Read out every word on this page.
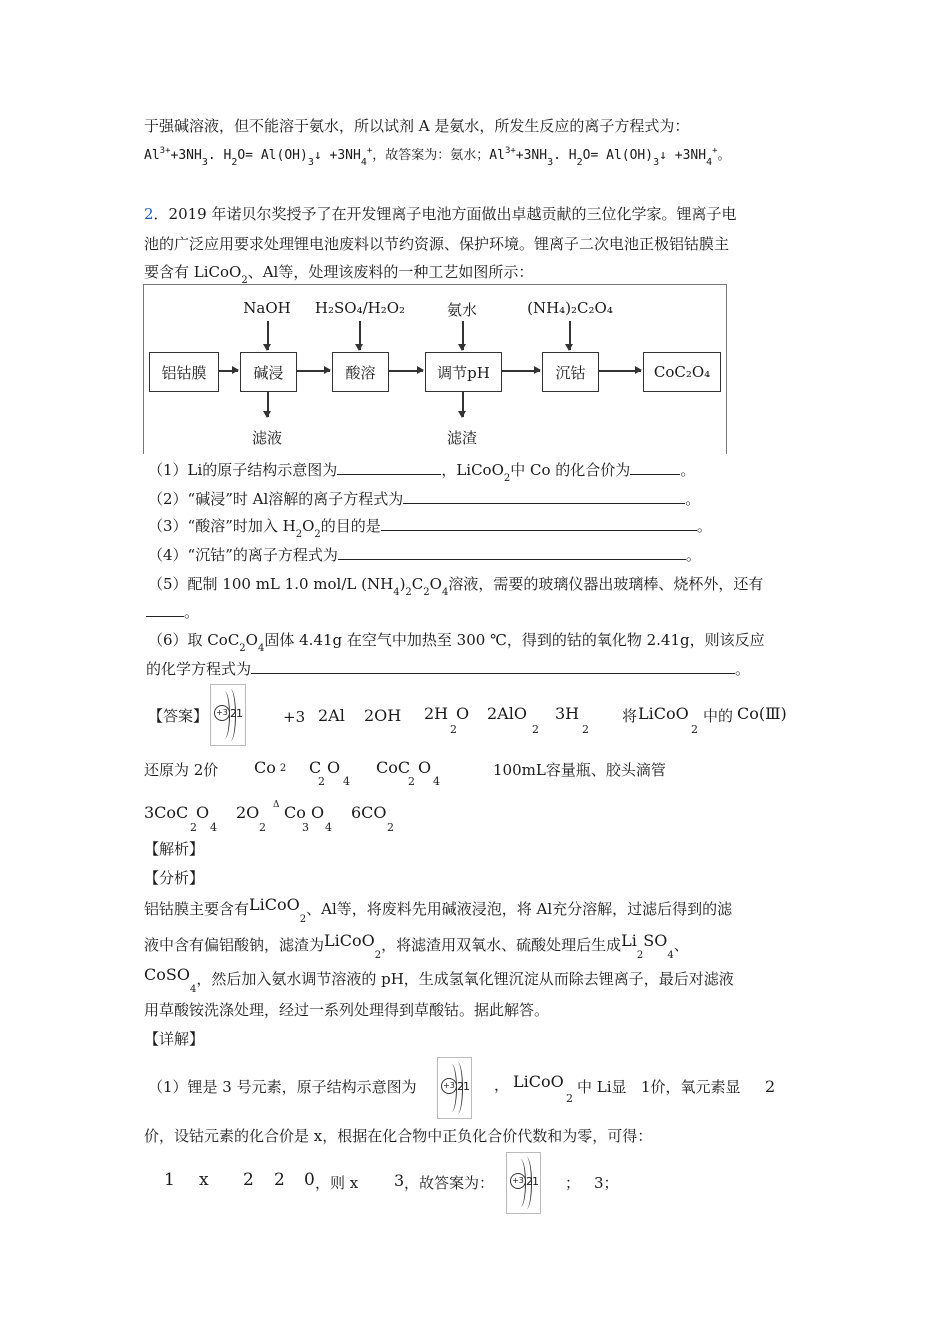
于强碱溶液，但不能溶于氨水，所以试剂 A 是氨水，所发生反应的离子方程式为：
$Al^{3+}+3NH_3$. $H_2O=$ $Al(OH)_3↓ +3NH_4^+$，故答案为：氨水；$Al^{3+}+3NH_3$. $H_2O=$ $Al(OH)_3↓ +3NH_4^+$。
2．2019 年诺贝尔奖授予了在开发锂离子电池方面做出卓越贡献的三位化学家。锂离子电
池的广泛应用要求处理锂电池废料以节约资源、保护环境。锂离子二次电池正极铝钴膜主
要含有 LiCoO$_2$、Al等，处理该废料的一种工艺如图所示：
铝钴膜	碱浸	酸溶	调节pH	沉钴	CoC₂O₄
NaOH	H₂SO₄/H₂O₂	氨水	(NH₄)₂C₂O₄
滤液	滤渣
（1）Li的原子结构示意图为	，LiCoO$_2$中 Co 的化合价为	。
（2）“碱浸”时 Al溶解的离子方程式为	。
（3）“酸溶”时加入 $H_2O_2$的目的是	。
（4）“沉钴”的离子方程式为	。
（5）配制 100 mL 1.0 mol/L $(NH_4)_2C_2O_4$溶液，需要的玻璃仪器出玻璃棒、烧杯外，还有
。
（6）取 $CoC_2O_4$固体 4.41g 在空气中加热至 300 ℃，得到的钴的氧化物 2.41g，则该反应
的化学方程式为	。
【答案】 +3 2 1	+3 2Al 2OH 2H
2
O 2AlO
2
3H
2
将 LiCoO
2
中的 Co(Ⅲ)
还原为 2价 Co 2 C
2
O
4
CoC
2
O
4
100mL容量瓶、胶头滴管
3CoC
2
O
4
2O
2
Δ Co
3
O
4
6CO
2
【解析】
【分析】
铝钴膜主要含有LiCoO$_2$、Al等，将废料先用碱液浸泡，将 Al充分溶解，过滤后得到的滤
液中含有偏铝酸钠，滤渣为LiCoO$_2$，将滤渣用双氧水、硫酸处理后生成$Li_2SO_4$、
CoSO$_4$，然后加入氨水调节溶液的 pH，生成氢氧化锂沉淀从而除去锂离子，最后对滤液
用草酸铵洗涤处理，经过一系列处理得到草酸钴。据此解答。
【详解】
（1）锂是 3 号元素，原子结构示意图为	+3 2 1 ， LiCoO
2
中 Li显 1价，氧元素显 2
价，设钴元素的化合价是 x，根据在化合物中正负化合价代数和为零，可得：
1 x 2 2 0 ，则 x 3 ，故答案为： +3 2 1 ； 3；
